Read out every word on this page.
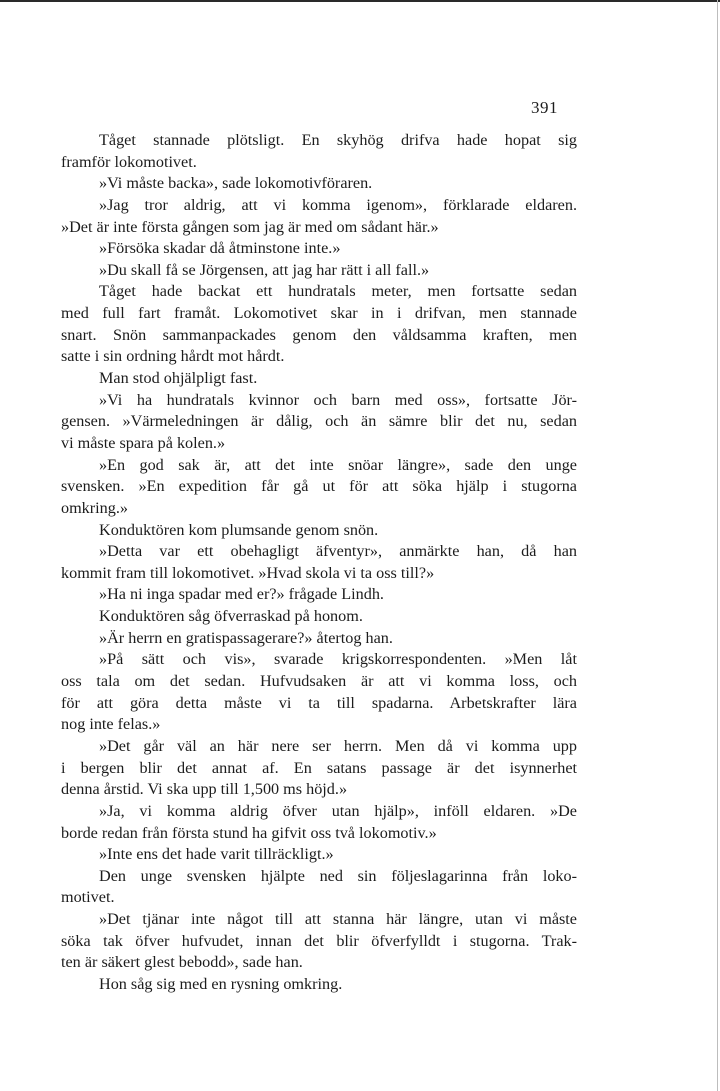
391
Tåget stannade plötsligt. En skyhög drifva hade hopat sig
framför lokomotivet.
»Vi måste backa», sade lokomotivföraren.
»Jag tror aldrig, att vi komma igenom», förklarade eldaren.
»Det är inte första gången som jag är med om sådant här.»
»Försöka skadar då åtminstone inte.»
»Du skall få se Jörgensen, att jag har rätt i all fall.»
Tåget hade backat ett hundratals meter, men fortsatte sedan
med full fart framåt. Lokomotivet skar in i drifvan, men stannade
snart. Snön sammanpackades genom den våldsamma kraften, men
satte i sin ordning hårdt mot hårdt.
Man stod ohjälpligt fast.
»Vi ha hundratals kvinnor och barn med oss», fortsatte Jör-
gensen. »Värmeledningen är dålig, och än sämre blir det nu, sedan
vi måste spara på kolen.»
»En god sak är, att det inte snöar längre», sade den unge
svensken. »En expedition får gå ut för att söka hjälp i stugorna
omkring.»
Konduktören kom plumsande genom snön.
»Detta var ett obehagligt äfventyr», anmärkte han, då han
kommit fram till lokomotivet. »Hvad skola vi ta oss till?»
»Ha ni inga spadar med er?» frågade Lindh.
Konduktören såg öfverraskad på honom.
»Är herrn en gratispassagerare?» återtog han.
»På sätt och vis», svarade krigskorrespondenten. »Men låt
oss tala om det sedan. Hufvudsaken är att vi komma loss, och
för att göra detta måste vi ta till spadarna. Arbetskrafter lära
nog inte felas.»
»Det går väl an här nere ser herrn. Men då vi komma upp
i bergen blir det annat af. En satans passage är det isynnerhet
denna årstid. Vi ska upp till 1,500 ms höjd.»
»Ja, vi komma aldrig öfver utan hjälp», inföll eldaren. »De
borde redan från första stund ha gifvit oss två lokomotiv.»
»Inte ens det hade varit tillräckligt.»
Den unge svensken hjälpte ned sin följeslagarinna från loko-
motivet.
»Det tjänar inte något till att stanna här längre, utan vi måste
söka tak öfver hufvudet, innan det blir öfverfylldt i stugorna. Trak-
ten är säkert glest bebodd», sade han.
Hon såg sig med en rysning omkring.
